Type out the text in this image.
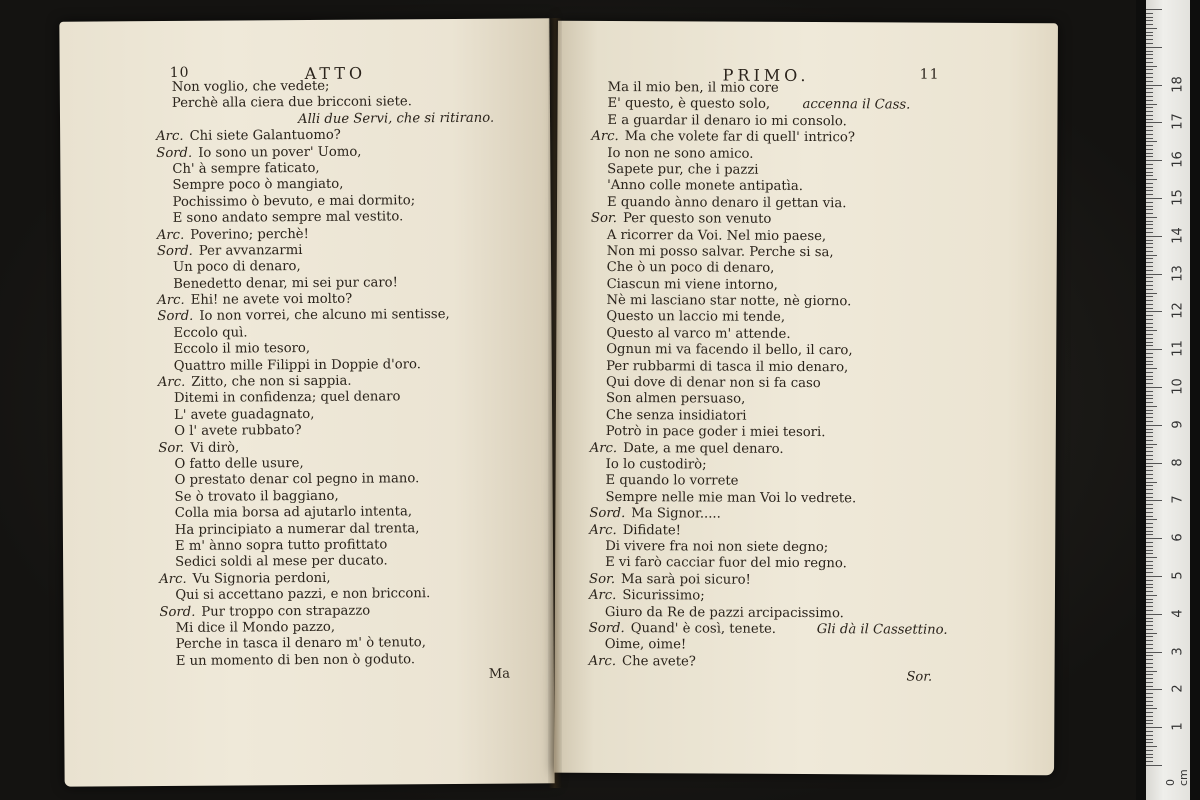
10	ATTO
Non voglio, che vedete;
Perchè alla ciera due bricconi siete.
Alli due Servi, che si ritirano.
Arc. Chi siete Galantuomo?
Sord. Io sono un pover' Uomo,
Ch' à sempre faticato,
Sempre poco ò mangiato,
Pochissimo ò bevuto, e mai dormito;
E sono andato sempre mal vestito.
Arc. Poverino; perchè!
Sord. Per avvanzarmi
Un poco di denaro,
Benedetto denar, mi sei pur caro!
Arc. Ehi! ne avete voi molto?
Sord. Io non vorrei, che alcuno mi sentisse,
Eccolo quì.
Eccolo il mio tesoro,
Quattro mille Filippi in Doppie d'oro.
Arc. Zitto, che non si sappia.
Ditemi in confidenza; quel denaro
L' avete guadagnato,
O l' avete rubbato?
Sor. Vi dirò,
O fatto delle usure,
O prestato denar col pegno in mano.
Se ò trovato il baggiano,
Colla mia borsa ad ajutarlo intenta,
Ha principiato a numerar dal trenta,
E m' ànno sopra tutto profittato
Sedici soldi al mese per ducato.
Arc. Vu Signoria perdoni,
Qui si accettano pazzi, e non bricconi.
Sord. Pur troppo con strapazzo
Mi dice il Mondo pazzo,
Perche in tasca il denaro m' ò tenuto,
E un momento di ben non ò goduto.
Ma
PRIMO.	11
Ma il mio ben, il mio core
E' questo, è questo solo, accenna il Cass.
E a guardar il denaro io mi consolo.
Arc. Ma che volete far di quell' intrico?
Io non ne sono amico.
Sapete pur, che i pazzi
'Anno colle monete antipatìa.
E quando ànno denaro il gettan via.
Sor. Per questo son venuto
A ricorrer da Voi. Nel mio paese,
Non mi posso salvar. Perche si sa,
Che ò un poco di denaro,
Ciascun mi viene intorno,
Nè mi lasciano star notte, nè giorno.
Questo un laccio mi tende,
Questo al varco m' attende.
Ognun mi va facendo il bello, il caro,
Per rubbarmi di tasca il mio denaro,
Qui dove di denar non si fa caso
Son almen persuaso,
Che senza insidiatori
Potrò in pace goder i miei tesori.
Arc. Date, a me quel denaro.
Io lo custodirò;
E quando lo vorrete
Sempre nelle mie man Voi lo vedrete.
Sord. Ma Signor.....
Arc. Difidate!
Di vivere fra noi non siete degno;
E vi farò cacciar fuor del mio regno.
Sor. Ma sarà poi sicuro!
Arc. Sicurissimo;
Giuro da Re de pazzi arcipacissimo.
Sord. Quand' è così, tenete.	Gli dà il Cassettino.
Oime, oime!
Arc. Che avete?
Sor.
0 cm
1
2
3
4
5
6
7
8
9
10
11
12
13
14
15
16
17
18
